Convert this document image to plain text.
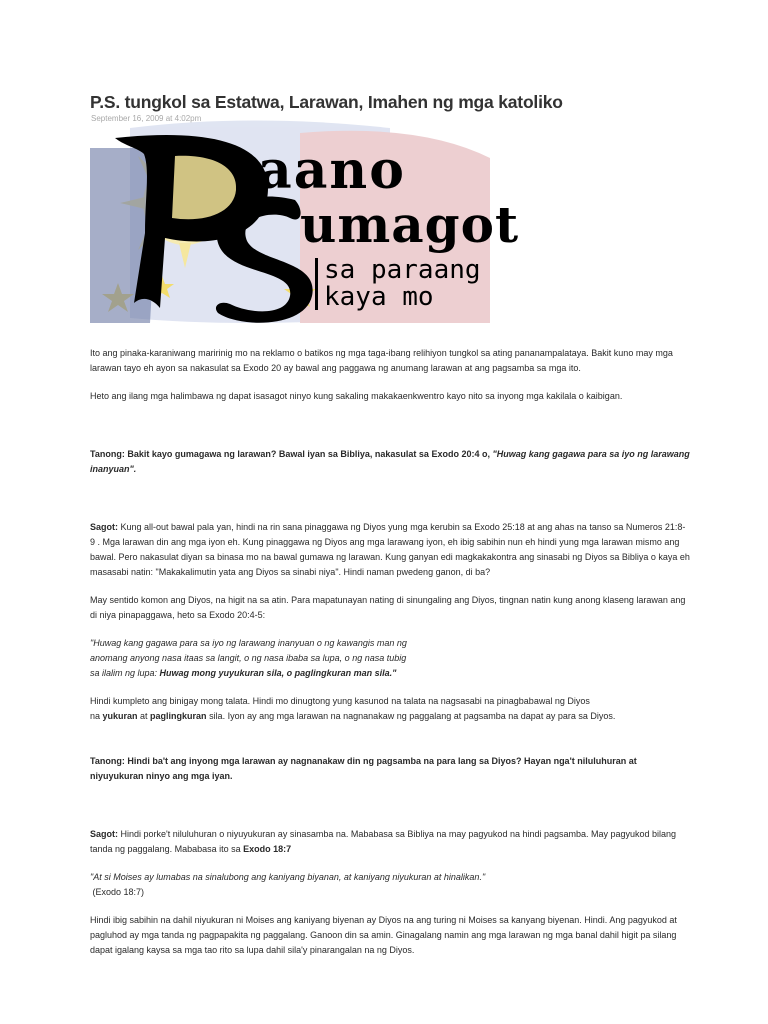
P.S. tungkol sa Estatwa, Larawan, Imahen ng mga katoliko
September 16, 2009 at 4:02pm
aano
umagot
sa paraang
kaya mo

Ito ang pinaka-karaniwang maririnig mo na reklamo o batikos ng mga taga-ibang relihiyon tungkol sa ating pananampalataya. Bakit kuno may mga larawan tayo eh ayon sa nakasulat sa Exodo 20 ay bawal ang paggawa ng anumang larawan at ang pagsamba sa mga ito.

Heto ang ilang mga halimbawa ng dapat isasagot ninyo kung sakaling makakaenkwentro kayo nito sa inyong mga kakilala o kaibigan.

Tanong: Bakit kayo gumagawa ng larawan? Bawal iyan sa Bibliya, nakasulat sa Exodo 20:4 o, "Huwag kang gagawa para sa iyo ng larawang inanyuan".

Sagot: Kung all-out bawal pala yan, hindi na rin sana pinaggawa ng Diyos yung mga kerubin sa Exodo 25:18 at ang ahas na tanso sa Numeros 21:8-9 . Mga larawan din ang mga iyon eh. Kung pinaggawa ng Diyos ang mga larawang iyon, eh ibig sabihin nun eh hindi yung mga larawan mismo ang bawal. Pero nakasulat diyan sa binasa mo na bawal gumawa ng larawan. Kung ganyan edi magkakakontra ang sinasabi ng Diyos sa Bibliya o kaya eh masasabi natin: "Makakalimutin yata ang Diyos sa sinabi niya". Hindi naman pwedeng ganon, di ba?

May sentido komon ang Diyos, na higit na sa atin. Para mapatunayan nating di sinungaling ang Diyos, tingnan natin kung anong klaseng larawan ang di niya pinapaggawa, heto sa Exodo 20:4-5:

"Huwag kang gagawa para sa iyo ng larawang inanyuan o ng kawangis man ng
anomang anyong nasa itaas sa langit, o ng nasa ibaba sa lupa, o ng nasa tubig
sa ilalim ng lupa: Huwag mong yuyukuran sila, o paglingkuran man sila."

Hindi kumpleto ang binigay mong talata. Hindi mo dinugtong yung kasunod na talata na nagsasabi na pinagbabawal ng Diyos
na yukuran at paglingkuran sila. Iyon ay ang mga larawan na nagnanakaw ng paggalang at pagsamba na dapat ay para sa Diyos.

Tanong: Hindi ba't ang inyong mga larawan ay nagnanakaw din ng pagsamba na para lang sa Diyos? Hayan nga't niluluhuran at niyuyukuran ninyo ang mga iyan.

Sagot: Hindi porke't niluluhuran o niyuyukuran ay sinasamba na. Mababasa sa Bibliya na may pagyukod na hindi pagsamba. May pagyukod bilang tanda ng paggalang. Mababasa ito sa Exodo 18:7

"At si Moises ay lumabas na sinalubong ang kaniyang biyanan, at kaniyang niyukuran at hinalikan."

(Exodo 18:7)

Hindi ibig sabihin na dahil niyukuran ni Moises ang kaniyang biyenan ay Diyos na ang turing ni Moises sa kanyang biyenan. Hindi. Ang pagyukod at pagluhod ay mga tanda ng pagpapakita ng paggalang. Ganoon din sa amin. Ginagalang namin ang mga larawan ng mga banal dahil higit pa silang dapat igalang kaysa sa mga tao rito sa lupa dahil sila'y pinarangalan na ng Diyos.
